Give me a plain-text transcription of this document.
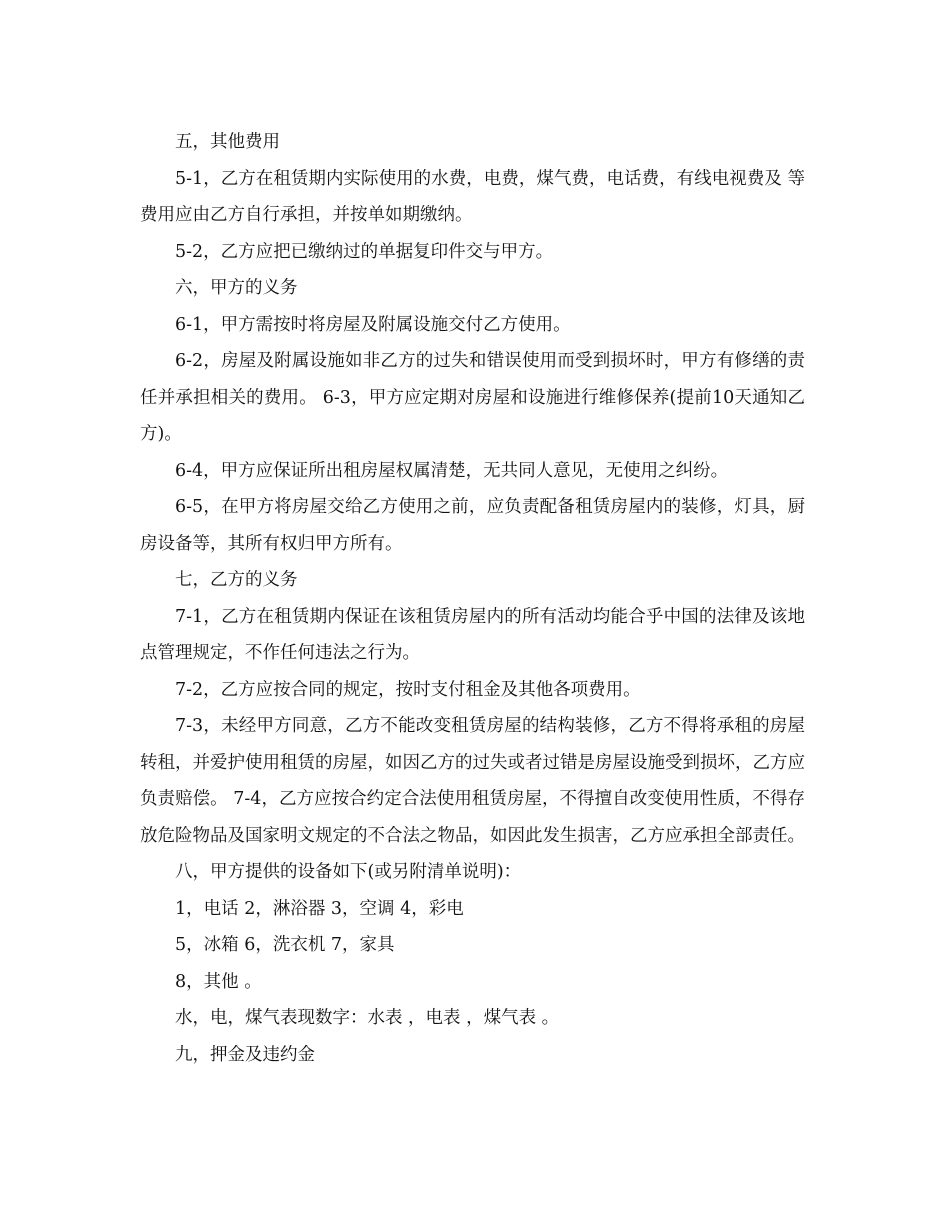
五，其他费用

5-1，乙方在租赁期内实际使用的水费，电费，煤气费，电话费，有线电视费及 等费用应由乙方自行承担，并按单如期缴纳。

5-2，乙方应把已缴纳过的单据复印件交与甲方。

六，甲方的义务

6-1，甲方需按时将房屋及附属设施交付乙方使用。

6-2，房屋及附属设施如非乙方的过失和错误使用而受到损坏时，甲方有修缮的责任并承担相关的费用。 6-3，甲方应定期对房屋和设施进行维修保养(提前10天通知乙方)。

6-4，甲方应保证所出租房屋权属清楚，无共同人意见，无使用之纠纷。

6-5，在甲方将房屋交给乙方使用之前，应负责配备租赁房屋内的装修，灯具，厨房设备等，其所有权归甲方所有。

七，乙方的义务

7-1，乙方在租赁期内保证在该租赁房屋内的所有活动均能合乎中国的法律及该地点管理规定，不作任何违法之行为。

7-2，乙方应按合同的规定，按时支付租金及其他各项费用。

7-3，未经甲方同意，乙方不能改变租赁房屋的结构装修，乙方不得将承租的房屋转租，并爱护使用租赁的房屋，如因乙方的过失或者过错是房屋设施受到损坏，乙方应负责赔偿。 7-4，乙方应按合约定合法使用租赁房屋，不得擅自改变使用性质，不得存放危险物品及国家明文规定的不合法之物品，如因此发生损害，乙方应承担全部责任。

八，甲方提供的设备如下(或另附清单说明)：

1，电话 2，淋浴器 3，空调 4，彩电

5，冰箱 6，洗衣机 7，家具

8，其他 。

水，电，煤气表现数字：水表 ，电表 ，煤气表 。

九，押金及违约金
